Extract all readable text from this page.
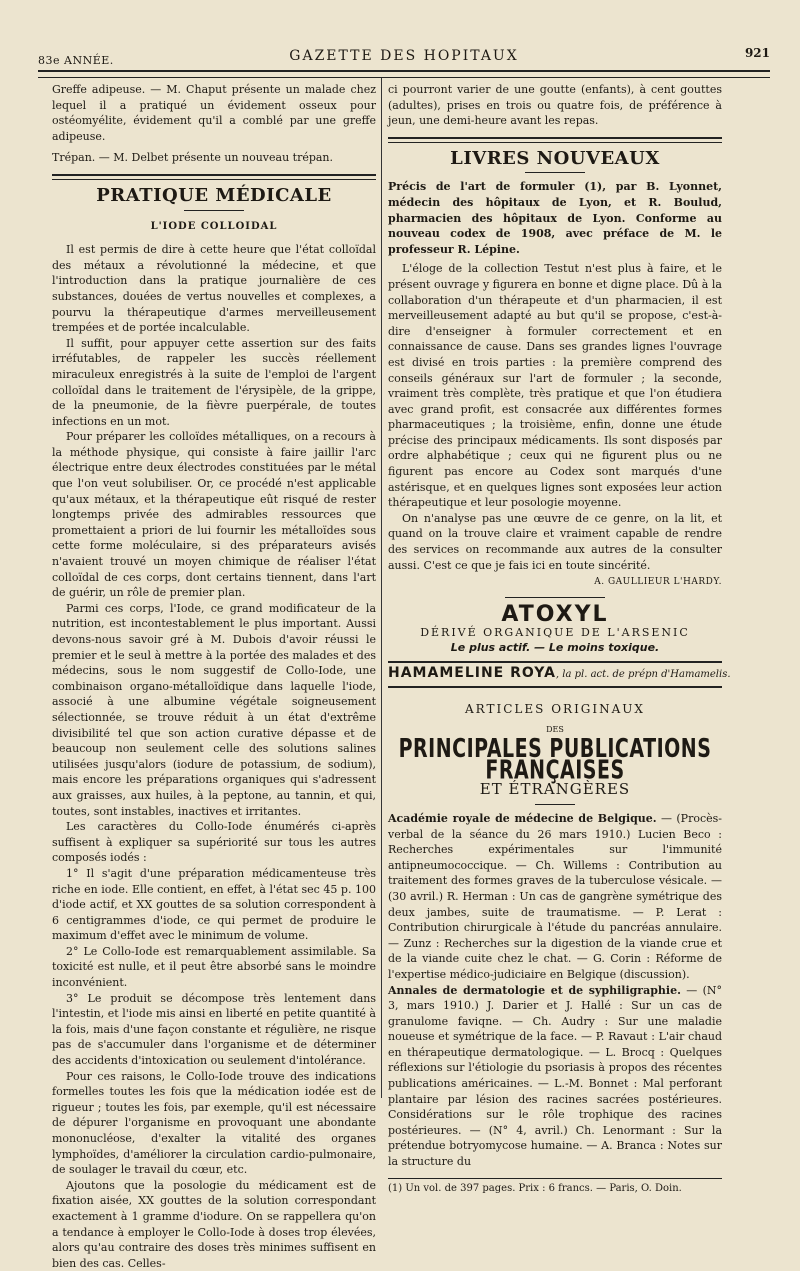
83e ANNÉE.	GAZETTE DES HOPITAUX	921

Greffe adipeuse. — M. Chaput présente un malade chez lequel il a pratiqué un évidement osseux pour ostéomyélite, évidement qu'il a comblé par une greffe adipeuse.

Trépan. — M. Delbet présente un nouveau trépan.

PRATIQUE MÉDICALE
L'IODE COLLOIDAL

Il est permis de dire à cette heure que l'état colloïdal des métaux a révolutionné la médecine, et que l'introduction dans la pratique journalière de ces substances, douées de vertus nouvelles et complexes, a pourvu la thérapeutique d'armes merveilleusement trempées et de portée incalculable.

Il suffit, pour appuyer cette assertion sur des faits irréfutables, de rappeler les succès réellement miraculeux enregistrés à la suite de l'emploi de l'argent colloïdal dans le traitement de l'érysipèle, de la grippe, de la pneumonie, de la fièvre puerpérale, de toutes infections en un mot.

Pour préparer les colloïdes métalliques, on a recours à la méthode physique, qui consiste à faire jaillir l'arc électrique entre deux électrodes constituées par le métal que l'on veut solubiliser. Or, ce procédé n'est applicable qu'aux métaux, et la thérapeutique eût risqué de rester longtemps privée des admirables ressources que promettaient a priori de lui fournir les métalloïdes sous cette forme moléculaire, si des préparateurs avisés n'avaient trouvé un moyen chimique de réaliser l'état colloïdal de ces corps, dont certains tiennent, dans l'art de guérir, un rôle de premier plan.

Parmi ces corps, l'Iode, ce grand modificateur de la nutrition, est incontestablement le plus important. Aussi devons-nous savoir gré à M. Dubois d'avoir réussi le premier et le seul à mettre à la portée des malades et des médecins, sous le nom suggestif de Collo-Iode, une combinaison organo-métalloïdique dans laquelle l'iode, associé à une albumine végétale soigneusement sélectionnée, se trouve réduit à un état d'extrême divisibilité tel que son action curative dépasse et de beaucoup non seulement celle des solutions salines utilisées jusqu'alors (iodure de potassium, de sodium), mais encore les préparations organiques qui s'adressent aux graisses, aux huiles, à la peptone, au tannin, et qui, toutes, sont instables, inactives et irritantes.

Les caractères du Collo-Iode énumérés ci-après suffisent à expliquer sa supériorité sur tous les autres composés iodés :

1° Il s'agit d'une préparation médicamenteuse très riche en iode. Elle contient, en effet, à l'état sec 45 p. 100 d'iode actif, et XX gouttes de sa solution correspondent à 6 centigrammes d'iode, ce qui permet de produire le maximum d'effet avec le minimum de volume.

2° Le Collo-Iode est remarquablement assimilable. Sa toxicité est nulle, et il peut être absorbé sans le moindre inconvénient.

3° Le produit se décompose très lentement dans l'intestin, et l'iode mis ainsi en liberté en petite quantité à la fois, mais d'une façon constante et régulière, ne risque pas de s'accumuler dans l'organisme et de déterminer des accidents d'intoxication ou seulement d'intolérance.

Pour ces raisons, le Collo-Iode trouve des indications formelles toutes les fois que la médication iodée est de rigueur ; toutes les fois, par exemple, qu'il est nécessaire de dépurer l'organisme en provoquant une abondante mononucléose, d'exalter la vitalité des organes lymphoïdes, d'améliorer la circulation cardio-pulmonaire, de soulager le travail du cœur, etc.

Ajoutons que la posologie du médicament est de fixation aisée, XX gouttes de la solution correspondant exactement à 1 gramme d'iodure. On se rappellera qu'on a tendance à employer le Collo-Iode à doses trop élevées, alors qu'au contraire des doses très minimes suffisent en bien des cas. Celles-

ci pourront varier de une goutte (enfants), à cent gouttes (adultes), prises en trois ou quatre fois, de préférence à jeun, une demi-heure avant les repas.

LIVRES NOUVEAUX

Précis de l'art de formuler (1), par B. Lyonnet, médecin des hôpitaux de Lyon, et R. Boulud, pharmacien des hôpitaux de Lyon. Conforme au nouveau codex de 1908, avec préface de M. le professeur R. Lépine.

L'éloge de la collection Testut n'est plus à faire, et le présent ouvrage y figurera en bonne et digne place. Dû à la collaboration d'un thérapeute et d'un pharmacien, il est merveilleusement adapté au but qu'il se propose, c'est-à-dire d'enseigner à formuler correctement et en connaissance de cause. Dans ses grandes lignes l'ouvrage est divisé en trois parties : la première comprend des conseils généraux sur l'art de formuler ; la seconde, vraiment très complète, très pratique et que l'on étudiera avec grand profit, est consacrée aux différentes formes pharmaceutiques ; la troisième, enfin, donne une étude précise des principaux médicaments. Ils sont disposés par ordre alphabétique ; ceux qui ne figurent plus ou ne figurent pas encore au Codex sont marqués d'une astérisque, et en quelques lignes sont exposées leur action thérapeutique et leur posologie moyenne.

On n'analyse pas une œuvre de ce genre, on la lit, et quand on la trouve claire et vraiment capable de rendre des services on recommande aux autres de la consulter aussi. C'est ce que je fais ici en toute sincérité.

A. GAULLIEUR L'HARDY.
ATOXYL
DÉRIVÉ ORGANIQUE DE L'ARSENIC
Le plus actif. — Le moins toxique.
HAMAMELINE ROYA, la pl. act. de prépn d'Hamamelis.
ARTICLES ORIGINAUX
DES
PRINCIPALES PUBLICATIONS FRANÇAISES
ET ÉTRANGÈRES

Académie royale de médecine de Belgique. — (Procès-verbal de la séance du 26 mars 1910.) Lucien Beco : Recherches expérimentales sur l'immunité antipneumococcique. — Ch. Willems : Contribution au traitement des formes graves de la tuberculose vésicale. — (30 avril.) R. Herman : Un cas de gangrène symétrique des deux jambes, suite de traumatisme. — P. Lerat : Contribution chirurgicale à l'étude du pancréas annulaire. — Zunz : Recherches sur la digestion de la viande crue et de la viande cuite chez le chat. — G. Corin : Réforme de l'expertise médico-judiciaire en Belgique (discussion).

Annales de dermatologie et de syphiligraphie. — (N° 3, mars 1910.) J. Darier et J. Hallé : Sur un cas de granulome faviqne. — Ch. Audry : Sur une maladie noueuse et symétrique de la face. — P. Ravaut : L'air chaud en thérapeutique dermatologique. — L. Brocq : Quelques réflexions sur l'étiologie du psoriasis à propos des récentes publications américaines. — L.-M. Bonnet : Mal perforant plantaire par lésion des racines sacrées postérieures. Considérations sur le rôle trophique des racines postérieures. — (N° 4, avril.) Ch. Lenormant : Sur la prétendue botryomycose humaine. — A. Branca : Notes sur la structure du

(1) Un vol. de 397 pages. Prix : 6 francs. — Paris, O. Doin.
